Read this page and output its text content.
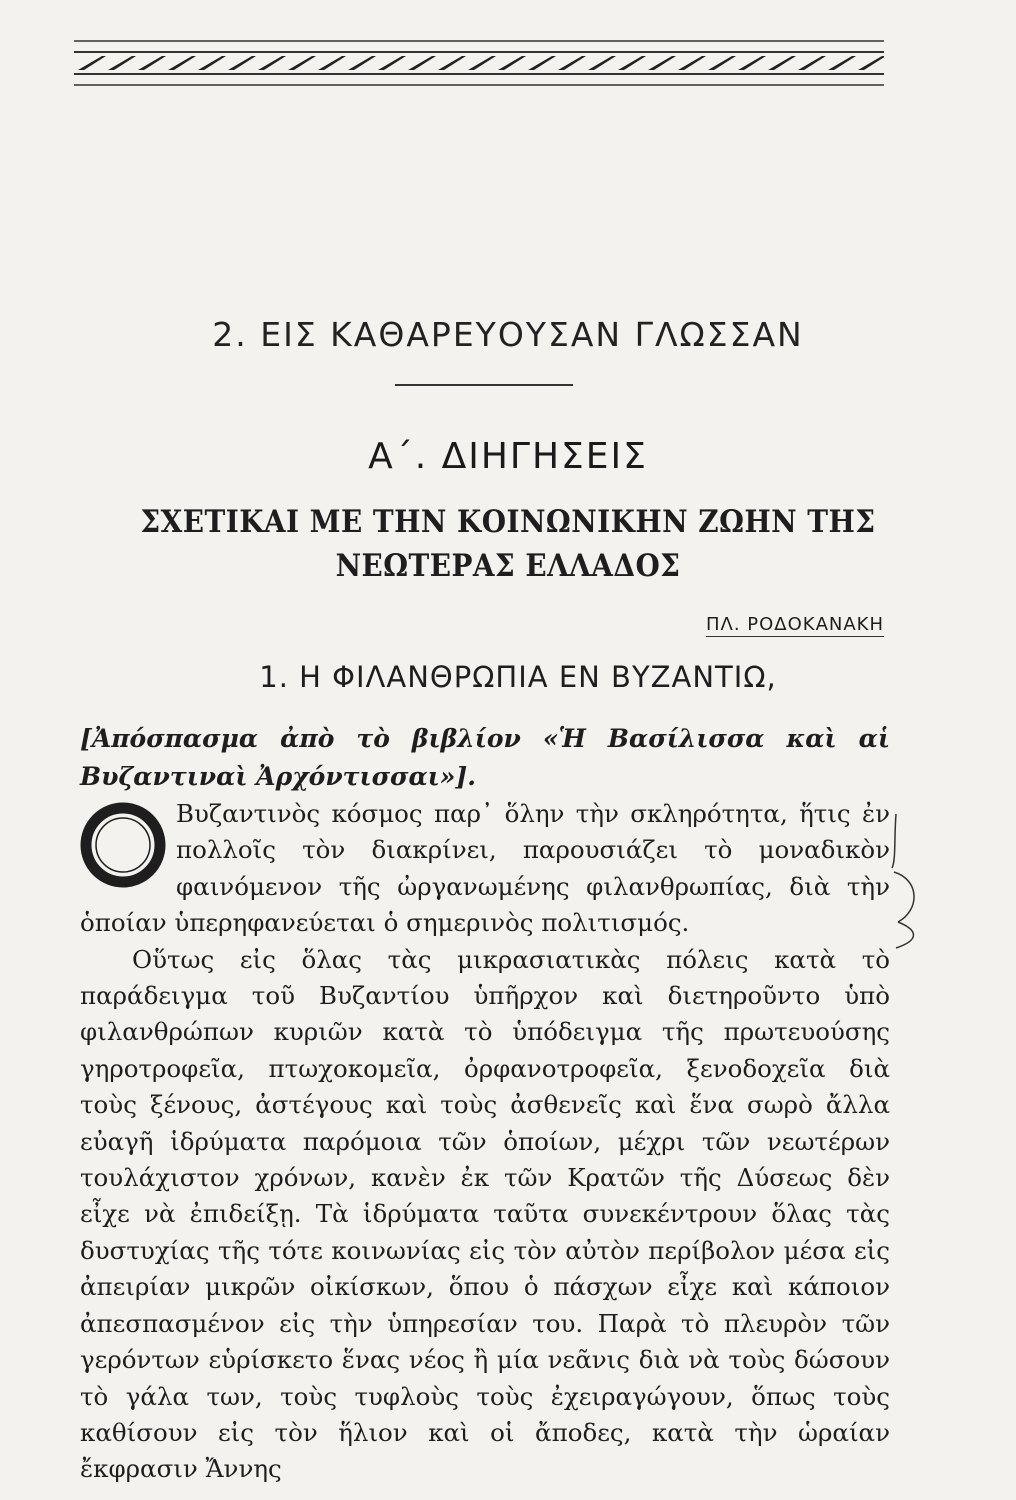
2. ΕΙΣ ΚΑΘΑΡΕΥΟΥΣΑΝ ΓΛΩΣΣΑΝ
Α΄. ΔΙΗΓΗΣΕΙΣ
ΣΧΕΤΙΚΑΙ ΜΕ ΤΗΝ ΚΟΙΝΩΝΙΚΗΝ ΖΩΗΝ ΤΗΣ ΝΕΩΤΕΡΑΣ ΕΛΛΑΔΟΣ
ΠΛ. ΡΟΔΟΚΑΝΑΚΗ
1. Η ΦΙΛΑΝΘΡΩΠΙΑ ΕΝ ΒΥΖΑΝΤΙΩ,
[Ἀπόσπασμα ἀπὸ τὸ βιβλίον «Ἡ Βασίλισσα καὶ αἱ Βυζαντιναὶ Ἀρχόντισσαι»].

Ο
Βυζαντινὸς κόσμος παρ᾽ ὅλην τὴν σκληρότητα, ἥτις ἐν πολλοῖς τὸν διακρίνει, παρουσιάζει τὸ μοναδικὸν φαινόμενον τῆς ὠργανωμένης φιλανθρωπίας, διὰ τὴν ὁποίαν ὑπερηφανεύεται ὁ σημερινὸς πολιτισμός.

Οὕτως εἰς ὅλας τὰς μικρασιατικὰς πόλεις κατὰ τὸ παράδειγμα τοῦ Βυζαντίου ὑπῆρχον καὶ διετηροῦντο ὑπὸ φιλανθρώπων κυριῶν κατὰ τὸ ὑπόδειγμα τῆς πρωτευούσης γηροτροφεῖα, πτωχοκομεῖα, ὀρφανοτροφεῖα, ξενοδοχεῖα διὰ τοὺς ξένους, ἀστέγους καὶ τοὺς ἀσθενεῖς καὶ ἕνα σωρὸ ἄλλα εὐαγῆ ἱδρύματα παρόμοια τῶν ὁποίων, μέχρι τῶν νεωτέρων τουλάχιστον χρόνων, κανὲν ἐκ τῶν Κρατῶν τῆς Δύσεως δὲν εἶχε νὰ ἐπιδείξῃ. Τὰ ἱδρύματα ταῦτα συνεκέντρουν ὅλας τὰς δυστυχίας τῆς τότε κοινωνίας εἰς τὸν αὐτὸν περίβολον μέσα εἰς ἀπειρίαν μικρῶν οἰκίσκων, ὅπου ὁ πάσχων εἶχε καὶ κάποιον ἀπεσπασμένον εἰς τὴν ὑπηρεσίαν του. Παρὰ τὸ πλευρὸν τῶν γερόντων εὑρίσκετο ἕνας νέος ἢ μία νεᾶνις διὰ νὰ τοὺς δώσουν τὸ γάλα των, τοὺς τυφλοὺς τοὺς ἐχειραγώγουν, ὅπως τοὺς καθίσουν εἰς τὸν ἥλιον καὶ οἱ ἄποδες, κατὰ τὴν ὡραίαν ἔκφρασιν Ἄννης
